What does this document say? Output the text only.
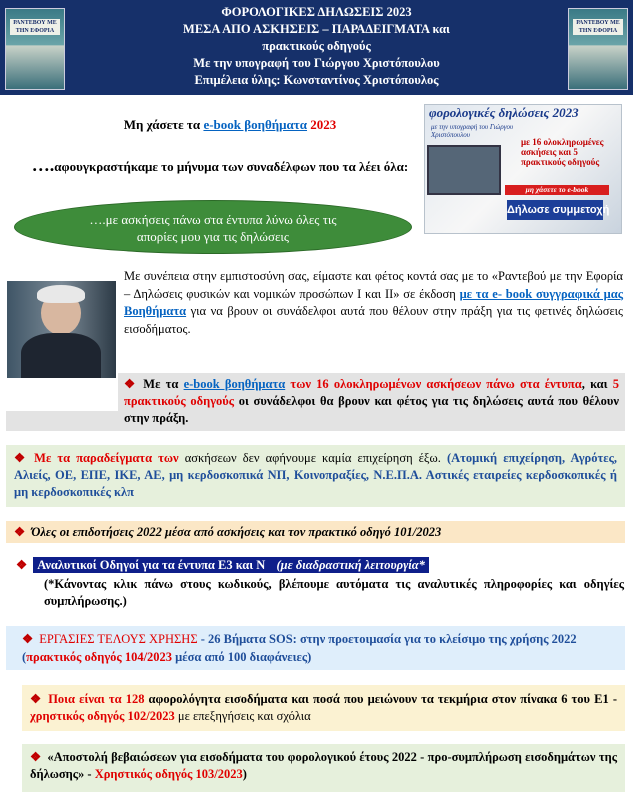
ΡΑΝΤΕΒΟΥ ΜΕ ΤΗΝ ΕΦΟΡΙΑ
ΦΟΡΟΛΟΓΙΚΕΣ ΔΗΛΩΣΕΙΣ 2023
ΜΕΣΑ ΑΠΟ ΑΣΚΗΣΕΙΣ – ΠΑΡΑΔΕΙΓΜΑΤΑ και
πρακτικούς οδηγούς
Με την υπογραφή του Γιώργου Χριστόπουλου
Επιμέλεια ύλης: Κωνσταντίνος Χριστόπουλος
ΡΑΝΤΕΒΟΥ ΜΕ ΤΗΝ ΕΦΟΡΙΑ
Μη χάσετε τα e-book βοηθήματα 2023
….αφουγκραστήκαμε το μήνυμα των συναδέλφων που τα λέει όλα:
….με ασκήσεις πάνω στα έντυπα λύνω όλες τις απορίες μου για τις δηλώσεις
φορολογικές δηλώσεις 2023
με την υπογραφή του Γιώργου Χριστόπουλου
με 16 ολοκληρωμένες ασκήσεις και 5 πρακτικούς οδηγούς
μη χάσετε το e-book
Δήλωσε συμμετοχή
Με συνέπεια στην εμπιστοσύνη σας, είμαστε και φέτος κοντά σας με το «Ραντεβού με την Εφορία – Δηλώσεις φυσικών και νομικών προσώπων Ι και ΙΙ» σε έκδοση με τα e- book συγγραφικά μας Βοηθήματα για να βρουν οι συνάδελφοι αυτά που θέλουν στην πράξη για τις φετινές δηλώσεις εισοδήματος.
❖ Με τα e-book βοηθήματα των 16 ολοκληρωμένων ασκήσεων πάνω στα έντυπα, και 5 πρακτικούς οδηγούς οι συνάδελφοι θα βρουν και φέτος για τις δηλώσεις αυτά που θέλουν στην πράξη.
❖ Με τα παραδείγματα των ασκήσεων δεν αφήνουμε καμία επιχείρηση έξω. (Ατομική επιχείρηση, Αγρότες, Αλιείς, ΟΕ, ΕΠΕ, ΙΚΕ, ΑΕ, μη κερδοσκοπικά ΝΠ, Κοινοπραξίες, Ν.Ε.Π.Α. Αστικές εταιρείες κερδοσκοπικές ή μη κερδοσκοπικές κλπ
❖ Όλες οι επιδοτήσεις 2022 μέσα από ασκήσεις και τον πρακτικό οδηγό 101/2023
❖ Αναλυτικοί Οδηγοί για τα έντυπα Ε3 και Ν (με διαδραστική λειτουργία*
(*Κάνοντας κλικ πάνω στους κωδικούς, βλέπουμε αυτόματα τις αναλυτικές πληροφορίες και οδηγίες συμπλήρωσης.)
❖ ΕΡΓΑΣΙΕΣ ΤΕΛΟΥΣ ΧΡΗΣΗΣ - 26 Βήματα SOS: στην προετοιμασία για το κλείσιμο της χρήσης 2022 (πρακτικός οδηγός 104/2023 μέσα από 100 διαφάνειες)
❖ Ποια είναι τα 128 αφορολόγητα εισοδήματα και ποσά που μειώνουν τα τεκμήρια στον πίνακα 6 του Ε1 - χρηστικός οδηγός 102/2023 με επεξηγήσεις και σχόλια
❖ «Αποστολή βεβαιώσεων για εισοδήματα του φορολογικού έτους 2022 - προ-συμπλήρωση εισοδημάτων της δήλωσης» - Χρηστικός οδηγός 103/2023)
